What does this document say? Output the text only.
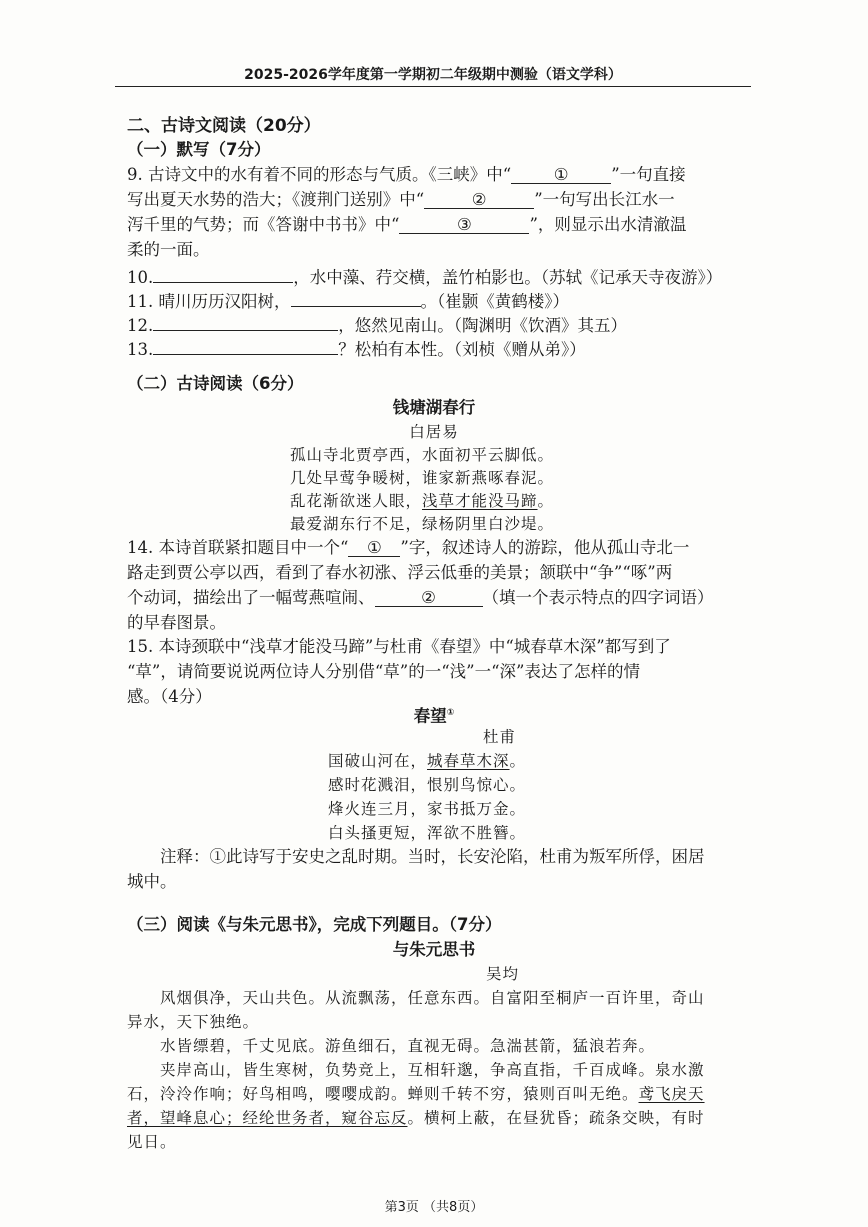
2025-2026学年度第一学期初二年级期中测验（语文学科）
二、古诗文阅读（20分）
（一）默写（7分）
9. 古诗文中的水有着不同的形态与气质。《三峡》中“	①	”一句直接
写出夏天水势的浩大；《渡荆门送别》中“	②	”一句写出长江水一
泻千里的气势；而《答谢中书书》中“	③	”，则显示出水清澈温
柔的一面。
10.	，水中藻、荇交横，盖竹柏影也。（苏轼《记承天寺夜游》）
11. 晴川历历汉阳树，	。（崔颢《黄鹤楼》）
12.	，悠然见南山。（陶渊明《饮酒》其五）
13.	？松柏有本性。（刘桢《赠从弟》）
（二）古诗阅读（6分）
钱塘湖春行
白居易
孤山寺北贾亭西，水面初平云脚低。
几处早莺争暖树，谁家新燕啄春泥。
乱花渐欲迷人眼，浅草才能没马蹄。
最爱湖东行不足，绿杨阴里白沙堤。
14. 本诗首联紧扣题目中一个“ ① ”字，叙述诗人的游踪，他从孤山寺北一
路走到贾公亭以西，看到了春水初涨、浮云低垂的美景；颔联中“争”“啄”两
个动词，描绘出了一幅莺燕喧闹、	②	（填一个表示特点的四字词语）
的早春图景。
15. 本诗颈联中“浅草才能没马蹄”与杜甫《春望》中“城春草木深”都写到了
“草”，请简要说说两位诗人分别借“草”的一“浅”一“深”表达了怎样的情
感。（4分）
春望①
杜甫
国破山河在，城春草木深。
感时花溅泪，恨别鸟惊心。
烽火连三月，家书抵万金。
白头搔更短，浑欲不胜簪。
注释：①此诗写于安史之乱时期。当时，长安沦陷，杜甫为叛军所俘，困居
城中。
（三）阅读《与朱元思书》，完成下列题目。（7分）
与朱元思书
吴均
风烟俱净，天山共色。从流飘荡，任意东西。自富阳至桐庐一百许里，奇山
异水，天下独绝。
水皆缥碧，千丈见底。游鱼细石，直视无碍。急湍甚箭，猛浪若奔。
夹岸高山，皆生寒树，负势竞上，互相轩邈，争高直指，千百成峰。泉水激
石，泠泠作响；好鸟相鸣，嘤嘤成韵。蝉则千转不穷，猿则百叫无绝。鸢飞戾天
者，望峰息心；经纶世务者，窥谷忘反。横柯上蔽，在昼犹昏；疏条交映，有时
见日。
第3页 （共8页）
